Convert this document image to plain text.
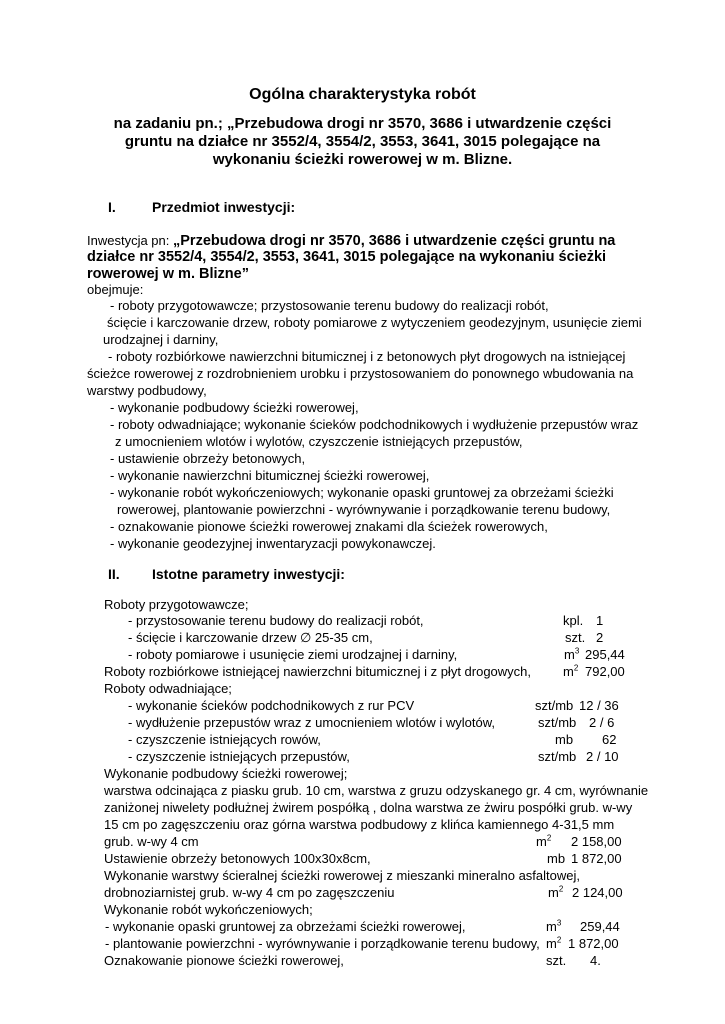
Ogólna charakterystyka robót
na zadaniu pn.; „Przebudowa drogi nr 3570, 3686 i utwardzenie części
gruntu na działce nr 3552/4, 3554/2, 3553, 3641, 3015 polegające na
wykonaniu ścieżki rowerowej w m. Blizne.
I.	Przedmiot inwestycji:
Inwestycja pn: „Przebudowa drogi nr 3570, 3686 i utwardzenie części gruntu na
działce nr 3552/4, 3554/2, 3553, 3641, 3015 polegające na wykonaniu ścieżki
rowerowej w m. Blizne”
obejmuje:
- roboty przygotowawcze; przystosowanie terenu budowy do realizacji robót,
ścięcie i karczowanie drzew, roboty pomiarowe z wytyczeniem geodezyjnym, usunięcie ziemi
urodzajnej i darniny,
- roboty rozbiórkowe nawierzchni bitumicznej i z betonowych płyt drogowych na istniejącej
ścieżce rowerowej z rozdrobnieniem urobku i przystosowaniem do ponownego wbudowania na
warstwy podbudowy,
- wykonanie podbudowy ścieżki rowerowej,
- roboty odwadniające; wykonanie ścieków podchodnikowych i wydłużenie przepustów wraz
z umocnieniem wlotów i wylotów, czyszczenie istniejących przepustów,
- ustawienie obrzeży betonowych,
- wykonanie nawierzchni bitumicznej ścieżki rowerowej,
- wykonanie robót wykończeniowych; wykonanie opaski gruntowej za obrzeżami ścieżki
rowerowej, plantowanie powierzchni - wyrównywanie i porządkowanie terenu budowy,
- oznakowanie pionowe ścieżki rowerowej znakami dla ścieżek rowerowych,
- wykonanie geodezyjnej inwentaryzacji powykonawczej.
II. Istotne parametry inwestycji:
Roboty przygotowawcze;
- przystosowanie terenu budowy do realizacji robót,	kpl. 1
- ścięcie i karczowanie drzew ∅ 25-35 cm,	szt. 2
- roboty pomiarowe i usunięcie ziemi urodzajnej i darniny,	$m^3$ 295,44
Roboty rozbiórkowe istniejącej nawierzchni bitumicznej i z płyt drogowych, $m^2$ 792,00
Roboty odwadniające;
- wykonanie ścieków podchodnikowych z rur PCV	szt/mb 12 / 36
- wydłużenie przepustów wraz z umocnieniem wlotów i wylotów,	szt/mb 2 / 6
- czyszczenie istniejących rowów,	mb 62
- czyszczenie istniejących przepustów,	szt/mb 2 / 10
Wykonanie podbudowy ścieżki rowerowej;
warstwa odcinająca z piasku grub. 10 cm, warstwa z gruzu odzyskanego gr. 4 cm, wyrównanie
zaniżonej niwelety podłużnej żwirem pospółką , dolna warstwa ze żwiru pospółki grub. w-wy
15 cm po zagęszczeniu oraz górna warstwa podbudowy z klińca kamiennego 4-31,5 mm
grub. w-wy 4 cm	$m^2$ 2 158,00
Ustawienie obrzeży betonowych 100x30x8cm,	mb 1 872,00
Wykonanie warstwy ścieralnej ścieżki rowerowej z mieszanki mineralno asfaltowej,
drobnoziarnistej grub. w-wy 4 cm po zagęszczeniu	$m^2$ 2 124,00
Wykonanie robót wykończeniowych;
- wykonanie opaski gruntowej za obrzeżami ścieżki rowerowej,	$m^3$ 259,44
- plantowanie powierzchni - wyrównywanie i porządkowanie terenu budowy, $m^2$ 1 872,00
Oznakowanie pionowe ścieżki rowerowej,	szt. 4.
